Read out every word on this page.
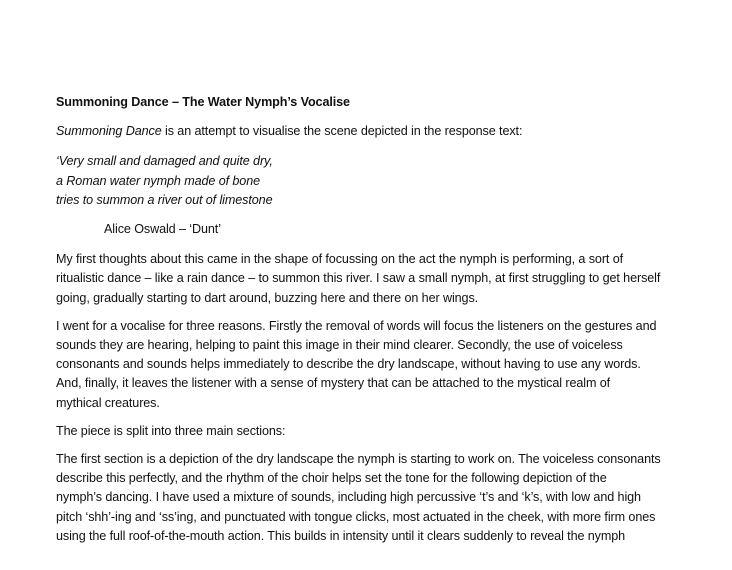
Summoning Dance – The Water Nymph’s Vocalise

Summoning Dance is an attempt to visualise the scene depicted in the response text:

‘Very small and damaged and quite dry,
a Roman water nymph made of bone
tries to summon a river out of limestone
Alice Oswald – ‘Dunt’

My first thoughts about this came in the shape of focussing on the act the nymph is performing, a sort of
ritualistic dance – like a rain dance – to summon this river. I saw a small nymph, at first struggling to get herself
going, gradually starting to dart around, buzzing here and there on her wings.

I went for a vocalise for three reasons. Firstly the removal of words will focus the listeners on the gestures and
sounds they are hearing, helping to paint this image in their mind clearer. Secondly, the use of voiceless
consonants and sounds helps immediately to describe the dry landscape, without having to use any words.
And, finally, it leaves the listener with a sense of mystery that can be attached to the mystical realm of
mythical creatures.

The piece is split into three main sections:

The first section is a depiction of the dry landscape the nymph is starting to work on. The voiceless consonants
describe this perfectly, and the rhythm of the choir helps set the tone for the following depiction of the
nymph’s dancing. I have used a mixture of sounds, including high percussive ‘t’s and ‘k’s, with low and high
pitch ‘shh’-ing and ‘ss’ing, and punctuated with tongue clicks, most actuated in the cheek, with more firm ones
using the full roof-of-the-mouth action. This builds in intensity until it clears suddenly to reveal the nymph
